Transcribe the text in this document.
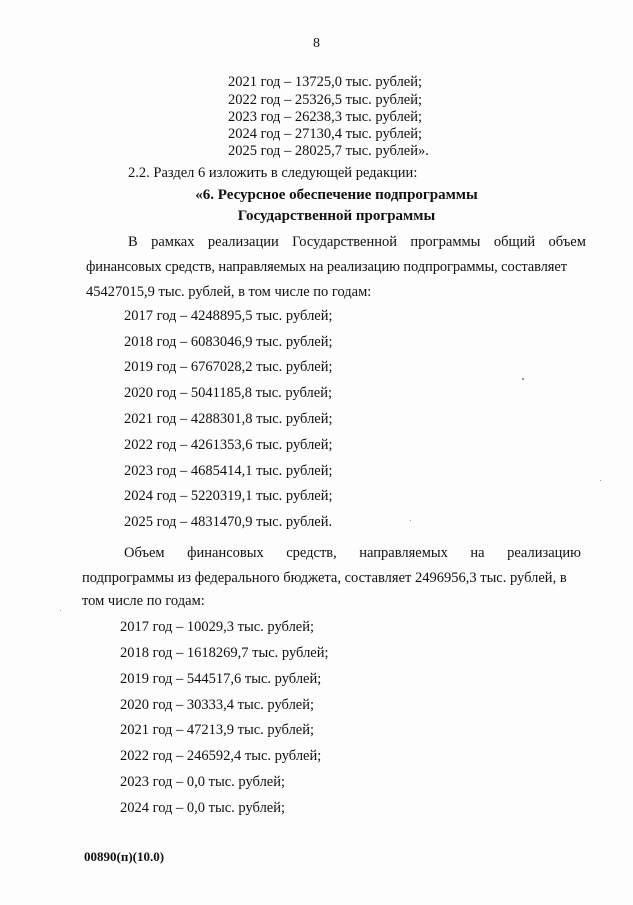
8
2021 год – 13725,0 тыс. рублей;
2022 год – 25326,5 тыс. рублей;
2023 год – 26238,3 тыс. рублей;
2024 год – 27130,4 тыс. рублей;
2025 год – 28025,7 тыс. рублей».
2.2. Раздел 6 изложить в следующей редакции:
«6. Ресурсное обеспечение подпрограммы
Государственной программы
В рамках реализации Государственной программы общий объем
финансовых средств, направляемых на реализацию подпрограммы, составляет
45427015,9 тыс. рублей, в том числе по годам:
2017 год – 4248895,5 тыс. рублей;
2018 год – 6083046,9 тыс. рублей;
2019 год – 6767028,2 тыс. рублей;
2020 год – 5041185,8 тыс. рублей;
2021 год – 4288301,8 тыс. рублей;
2022 год – 4261353,6 тыс. рублей;
2023 год – 4685414,1 тыс. рублей;
2024 год – 5220319,1 тыс. рублей;
2025 год – 4831470,9 тыс. рублей.
Объем финансовых средств, направляемых на реализацию
подпрограммы из федерального бюджета, составляет 2496956,3 тыс. рублей, в
том числе по годам:
2017 год – 10029,3 тыс. рублей;
2018 год – 1618269,7 тыс. рублей;
2019 год – 544517,6 тыс. рублей;
2020 год – 30333,4 тыс. рублей;
2021 год – 47213,9 тыс. рублей;
2022 год – 246592,4 тыс. рублей;
2023 год – 0,0 тыс. рублей;
2024 год – 0,0 тыс. рублей;
00890(п)(10.0)
